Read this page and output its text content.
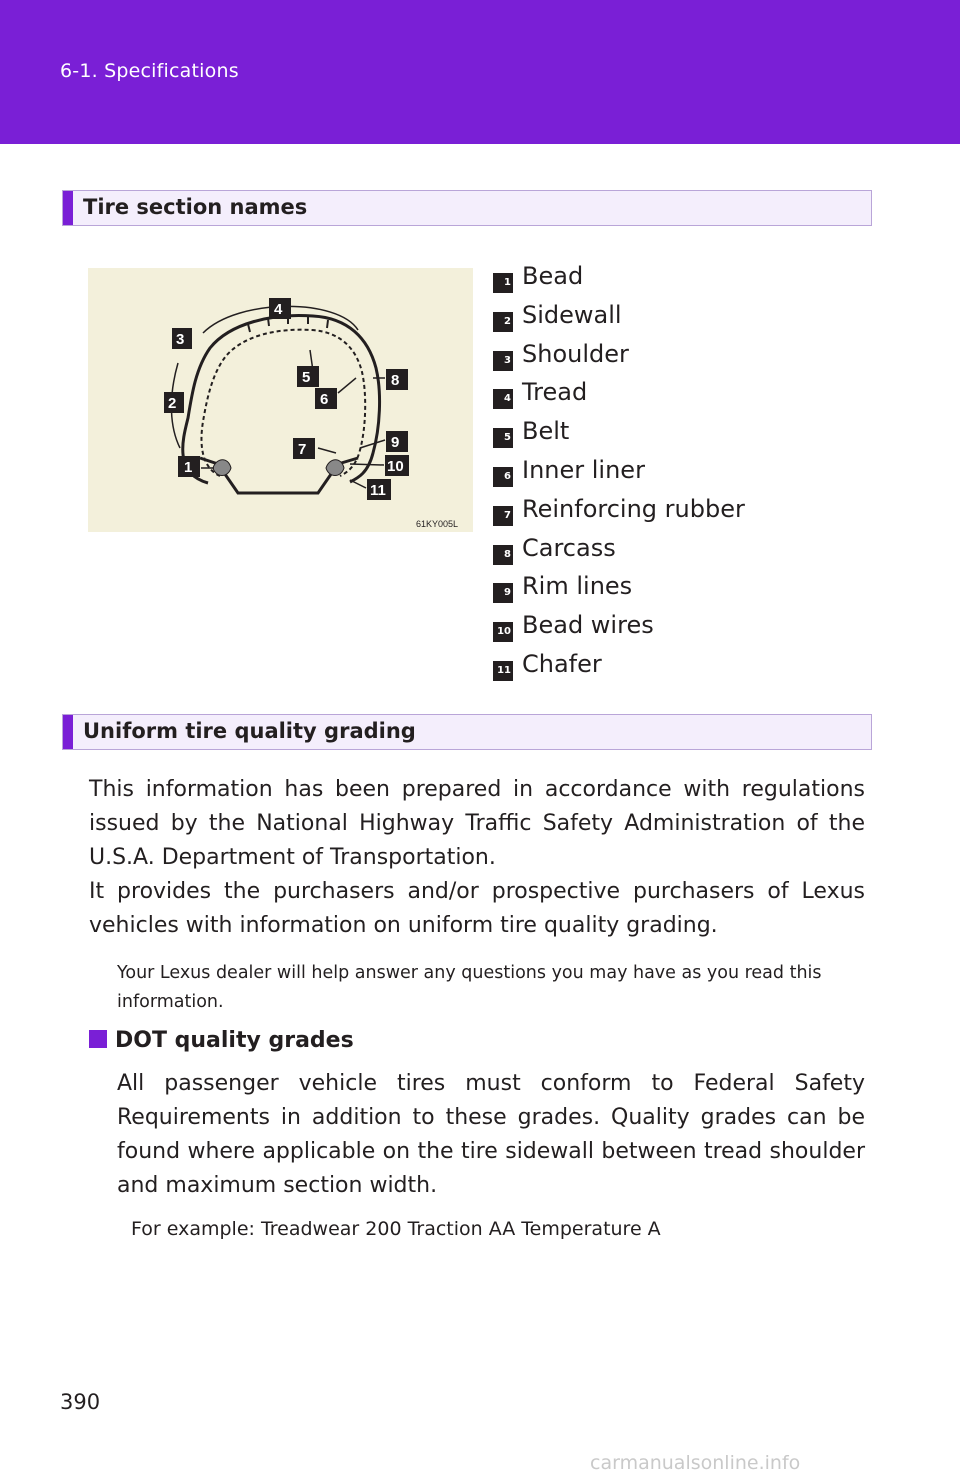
6-1. Specifications
Tire section names
4
3
2
1
5
6
8
7	9
10
11
61KY005L
1 Bead
2 Sidewall
3 Shoulder
4 Tread
5 Belt
6 Inner liner
7 Reinforcing rubber
8 Carcass
9 Rim lines
10 Bead wires
11 Chafer
Uniform tire quality grading

This information has been prepared in accordance with regulations issued by the National Highway Traffic Safety Administration of the U.S.A. Department of Transportation.

It provides the purchasers and/or prospective purchasers of Lexus vehicles with information on uniform tire quality grading.

Your Lexus dealer will help answer any questions you may have as you read this information.

DOT quality grades

All passenger vehicle tires must conform to Federal Safety Requirements in addition to these grades. Quality grades can be found where applicable on the tire sidewall between tread shoulder and maximum section width.

For example: Treadwear 200 Traction AA Temperature A
390
carmanualsonline.info
